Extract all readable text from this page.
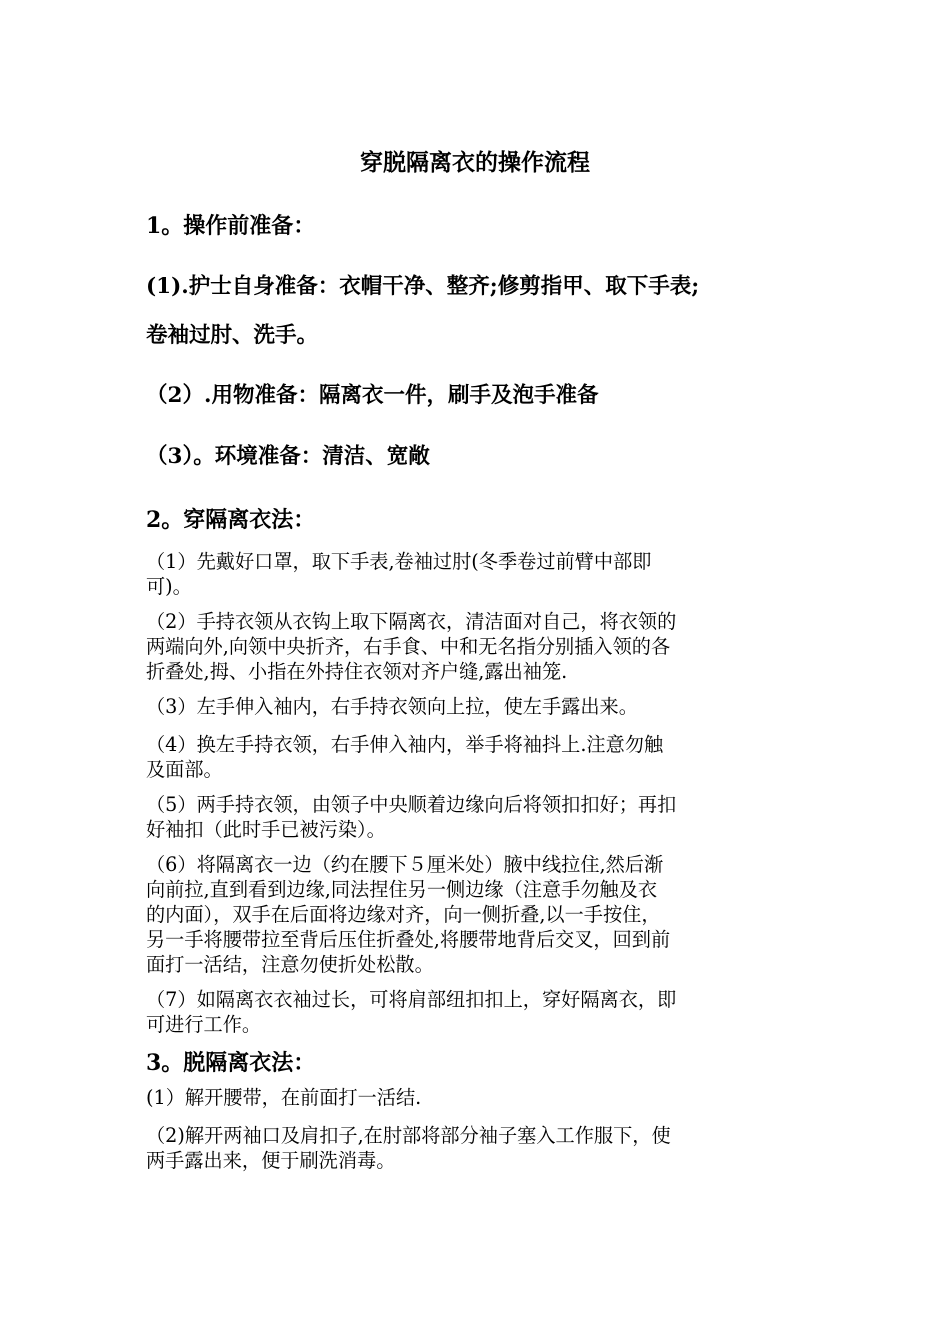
穿脱隔离衣的操作流程
1。操作前准备：
(1).护士自身准备：衣帽干净、整齐;修剪指甲、取下手表;
卷袖过肘、洗手。
（2）.用物准备：隔离衣一件，刷手及泡手准备
（3）。环境准备：清洁、宽敞
2。穿隔离衣法：
（1）先戴好口罩，取下手表,卷袖过肘(冬季卷过前臂中部即
可)。
（2）手持衣领从衣钩上取下隔离衣，清洁面对自己，将衣领的
两端向外,向领中央折齐，右手食、中和无名指分别插入领的各
折叠处,拇、小指在外持住衣领对齐户缝,露出袖笼.
（3）左手伸入袖内，右手持衣领向上拉，使左手露出来。
（4）换左手持衣领，右手伸入袖内，举手将袖抖上.注意勿触
及面部。
（5）两手持衣领，由领子中央顺着边缘向后将领扣扣好；再扣
好袖扣（此时手已被污染）。
（6）将隔离衣一边（约在腰下５厘米处）腋中线拉住,然后渐
向前拉,直到看到边缘,同法捏住另一侧边缘（注意手勿触及衣
的内面），双手在后面将边缘对齐，向一侧折叠,以一手按住，
另一手将腰带拉至背后压住折叠处,将腰带地背后交叉，回到前
面打一活结，注意勿使折处松散。
（7）如隔离衣衣袖过长，可将肩部纽扣扣上，穿好隔离衣，即
可进行工作。
3。脱隔离衣法：
(1）解开腰带，在前面打一活结.
（2)解开两袖口及肩扣子,在肘部将部分袖子塞入工作服下，使
两手露出来，便于刷洗消毒。
